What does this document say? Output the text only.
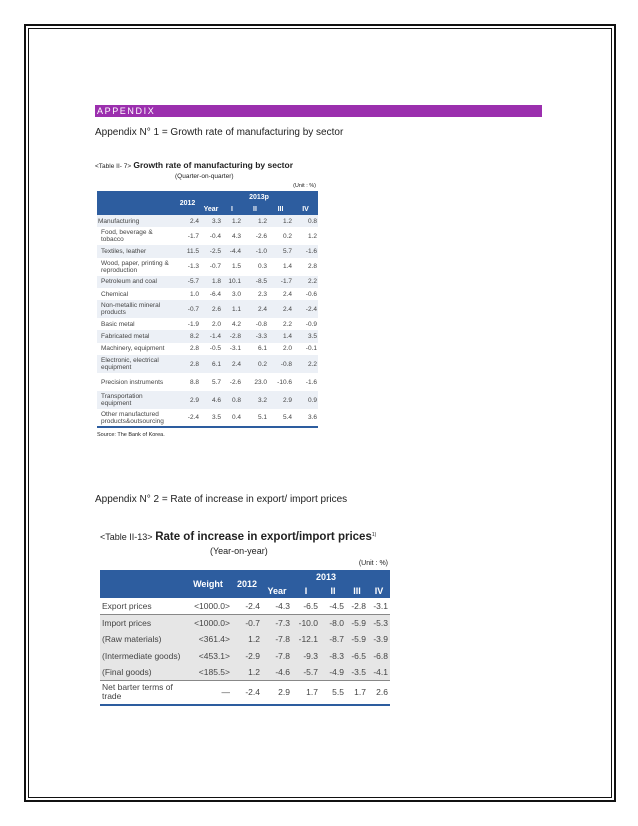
APPENDIX
Appendix N° 1 = Growth rate of manufacturing by sector
<Table II- 7> Growth rate of manufacturing by sector
(Quarter-on-quarter)
(Unit : %)
	2012	2013p				
		Year	I	II	III	IV
Manufacturing	2.4	3.3	1.2	1.2	1.2	0.8
Food, beverage & tobacco	-1.7	-0.4	4.3	-2.6	0.2	1.2
Textiles, leather	11.5	-2.5	-4.4	-1.0	5.7	-1.6
Wood, paper, printing & reproduction	-1.3	-0.7	1.5	0.3	1.4	2.8
Petroleum and coal	-5.7	1.8	10.1	-8.5	-1.7	2.2
Chemical	1.0	-6.4	3.0	2.3	2.4	-0.6
Non-metallic mineral products	-0.7	2.6	1.1	2.4	2.4	-2.4
Basic metal	-1.9	2.0	4.2	-0.8	2.2	-0.9
Fabricated metal	8.2	-1.4	-2.8	-3.3	1.4	3.5
Machinery, equipment	2.8	-0.5	-3.1	6.1	2.0	-0.1
Electronic, electrical equipment	2.8	6.1	2.4	0.2	-0.8	2.2
Precision instruments	8.8	5.7	-2.6	23.0	-10.6	-1.6
Transportation equipment	2.9	4.6	0.8	3.2	2.9	0.9
Other manufactured products&outsourcing	-2.4	3.5	0.4	5.1	5.4	3.6
Source: The Bank of Korea.
Appendix N° 2 = Rate of increase in export/ import prices
<Table II-13> Rate of increase in export/import prices$^{1)}$
(Year-on-year)
(Unit : %)
	Weight	2012	2013				
			Year	I	II	III	IV
Export prices	<1000.0>	-2.4	-4.3	-6.5	-4.5	-2.8	-3.1
Import prices	<1000.0>	-0.7	-7.3	-10.0	-8.0	-5.9	-5.3
(Raw materials)	<361.4>	1.2	-7.8	-12.1	-8.7	-5.9	-3.9
(Intermediate goods)	<453.1>	-2.9	-7.8	-9.3	-8.3	-6.5	-6.8
(Final goods)	<185.5>	1.2	-4.6	-5.7	-4.9	-3.5	-4.1
Net barter terms of trade	—	-2.4	2.9	1.7	5.5	1.7	2.6
